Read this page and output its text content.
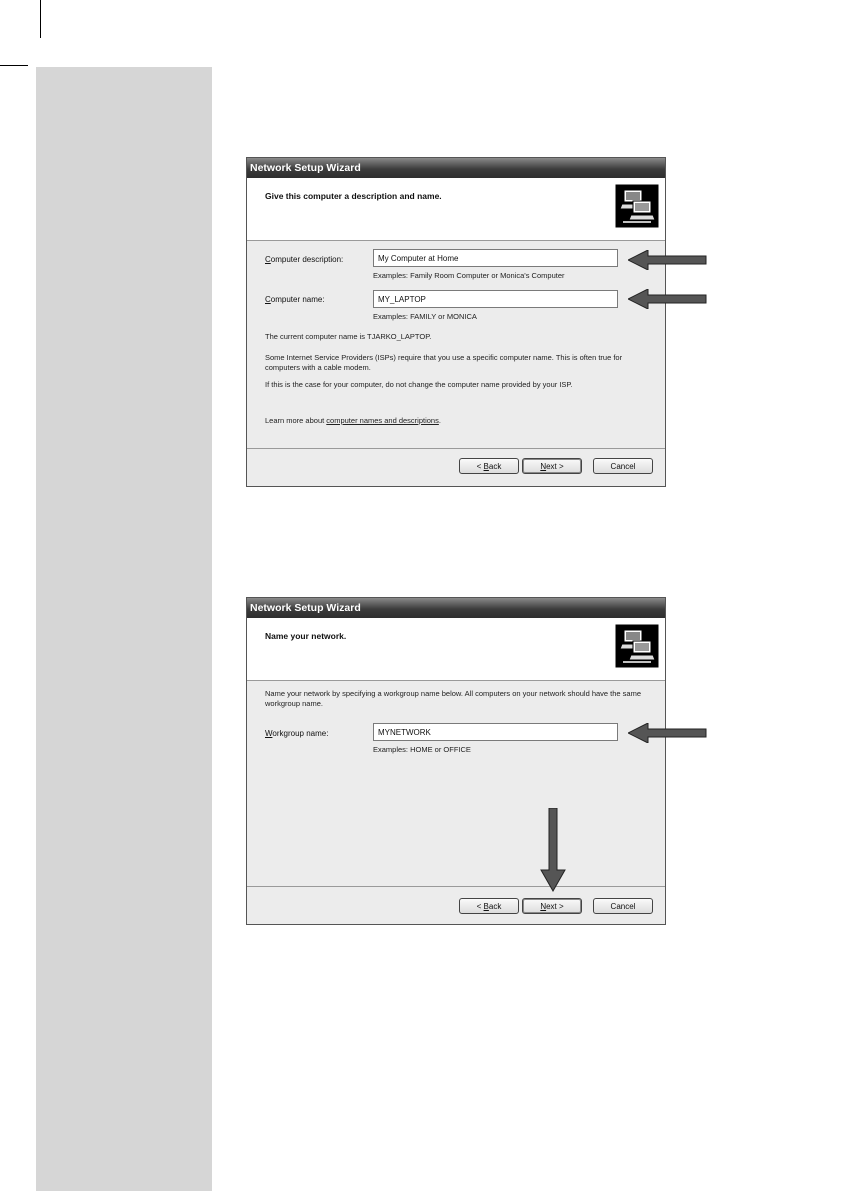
Network Setup Wizard
Give this computer a description and name.
Computer description:	My Computer at Home
Examples: Family Room Computer or Monica's Computer
Computer name:	MY_LAPTOP
Examples: FAMILY or MONICA
The current computer name is TJARKO_LAPTOP.
Some Internet Service Providers (ISPs) require that you use a specific computer name. This is often true for computers with a cable modem.
If this is the case for your computer, do not change the computer name provided by your ISP.
Learn more about computer names and descriptions.
< Back	Next >	Cancel
Network Setup Wizard
Name your network.
Name your network by specifying a workgroup name below. All computers on your network should have the same workgroup name.
Workgroup name:	MYNETWORK
Examples: HOME or OFFICE
< Back	Next >	Cancel
